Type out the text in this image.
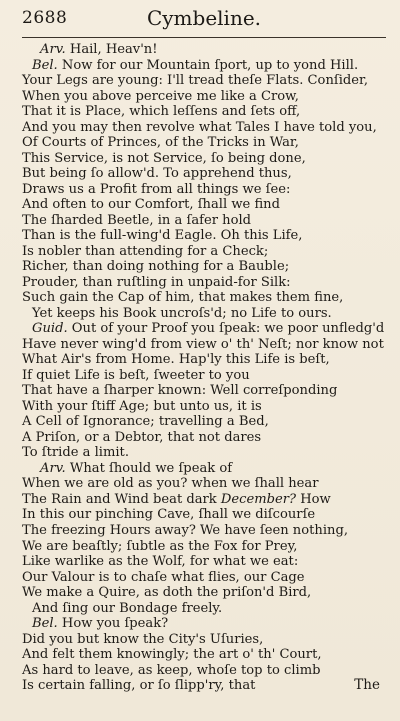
2688	Cymbeline.
Arv. Hail, Heav'n!
Bel. Now for our Mountain ſport, up to yond Hill.
Your Legs are young: I'll tread theſe Flats. Conſider,
When you above perceive me like a Crow,
That it is Place, which leſſens and ſets off,
And you may then revolve what Tales I have told you,
Of Courts of Princes, of the Tricks in War,
This Service, is not Service, ſo being done,
But being ſo allow'd. To apprehend thus,
Draws us a Profit from all things we ſee:
And often to our Comfort, ſhall we find
The ſharded Beetle, in a ſafer hold
Than is the full-wing'd Eagle. Oh this Life,
Is nobler than attending for a Check;
Richer, than doing nothing for a Bauble;
Prouder, than ruſtling in unpaid-for Silk:
Such gain the Cap of him, that makes them fine,
Yet keeps his Book uncroſs'd; no Life to ours.
Guid. Out of your Proof you ſpeak: we poor unfledg'd
Have never wing'd from view o' th' Neſt; nor know not
What Air's from Home. Hap'ly this Life is beſt,
If quiet Life is beſt, ſweeter to you
That have a ſharper known: Well correſponding
With your ſtiff Age; but unto us, it is
A Cell of Ignorance; travelling a Bed,
A Priſon, or a Debtor, that not dares
To ſtride a limit.
Arv. What ſhould we ſpeak of
When we are old as you? when we ſhall hear
The Rain and Wind beat dark December? How
In this our pinching Cave, ſhall we diſcourſe
The freezing Hours away? We have ſeen nothing,
We are beaſtly; ſubtle as the Fox for Prey,
Like warlike as the Wolf, for what we eat:
Our Valour is to chaſe what flies, our Cage
We make a Quire, as doth the priſon'd Bird,
And ſing our Bondage freely.
Bel. How you ſpeak?
Did you but know the City's Uſuries,
And felt them knowingly; the art o' th' Court,
As hard to leave, as keep, whoſe top to climb
Is certain falling, or ſo ſlipp'ry, that	The
